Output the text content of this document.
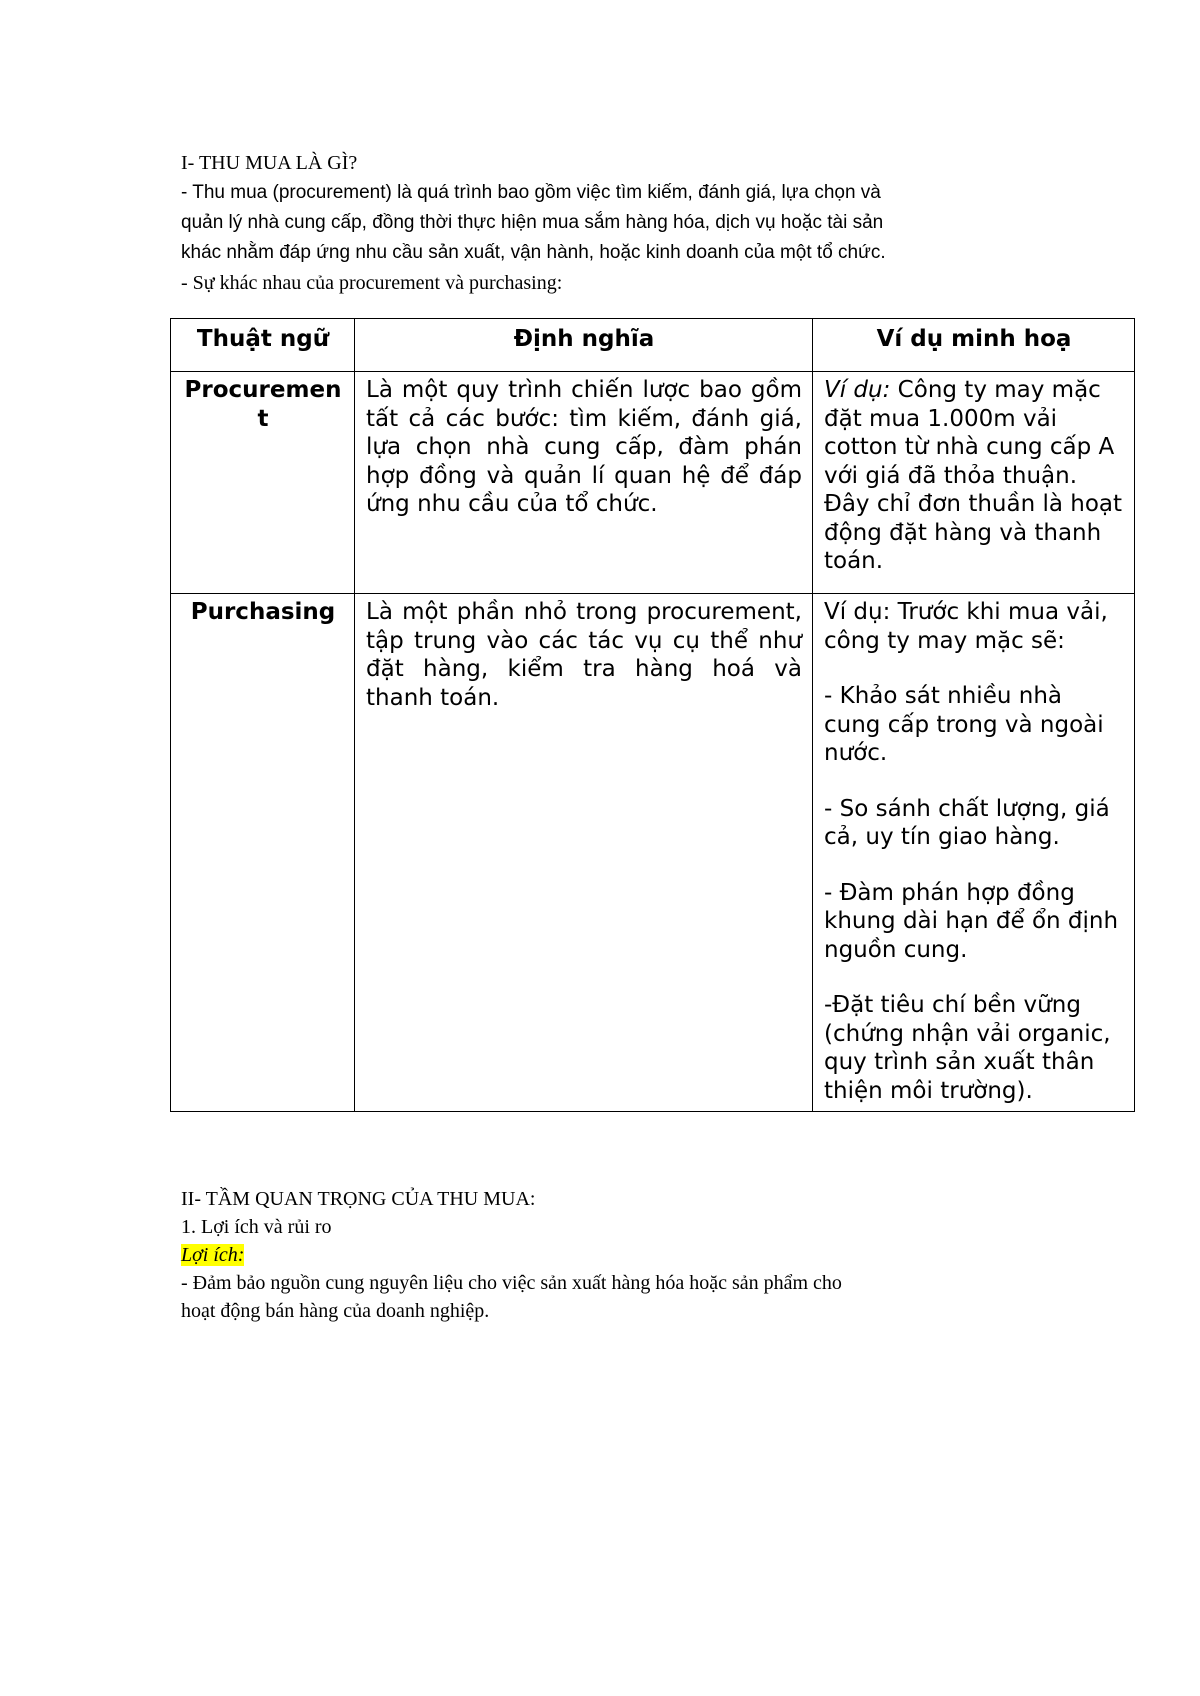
I- THU MUA LÀ GÌ?

- Thu mua (procurement) là quá trình bao gồm việc tìm kiếm, đánh giá, lựa chọn và

quản lý nhà cung cấp, đồng thời thực hiện mua sắm hàng hóa, dịch vụ hoặc tài sản

khác nhằm đáp ứng nhu cầu sản xuất, vận hành, hoặc kinh doanh của một tổ chức.

- Sự khác nhau của procurement và purchasing:

Thuật ngữ	Định nghĩa	Ví dụ minh hoạ
Procurement	Là một quy trình chiến lược bao gồm tất cả các bước: tìm kiếm, đánh giá, lựa chọn nhà cung cấp, đàm phán hợp đồng và quản lí quan hệ để đáp ứng nhu cầu của tổ chức.	Ví dụ: Công ty may mặc đặt mua 1.000m vải cotton từ nhà cung cấp A với giá đã thỏa thuận. Đây chỉ đơn thuần là hoạt động đặt hàng và thanh toán.
Purchasing	Là một phần nhỏ trong procurement, tập trung vào các tác vụ cụ thể như đặt hàng, kiểm tra hàng hoá và thanh toán.	Ví dụ: Trước khi mua vải, công ty may mặc sẽ:

- Khảo sát nhiều nhà cung cấp trong và ngoài nước.

- So sánh chất lượng, giá cả, uy tín giao hàng.

- Đàm phán hợp đồng khung dài hạn để ổn định nguồn cung.

-Đặt tiêu chí bền vững (chứng nhận vải organic, quy trình sản xuất thân thiện môi trường).

II- TẦM QUAN TRỌNG CỦA THU MUA:

1. Lợi ích và rủi ro

Lợi ích:

- Đảm bảo nguồn cung nguyên liệu cho việc sản xuất hàng hóa hoặc sản phẩm cho

hoạt động bán hàng của doanh nghiệp.
